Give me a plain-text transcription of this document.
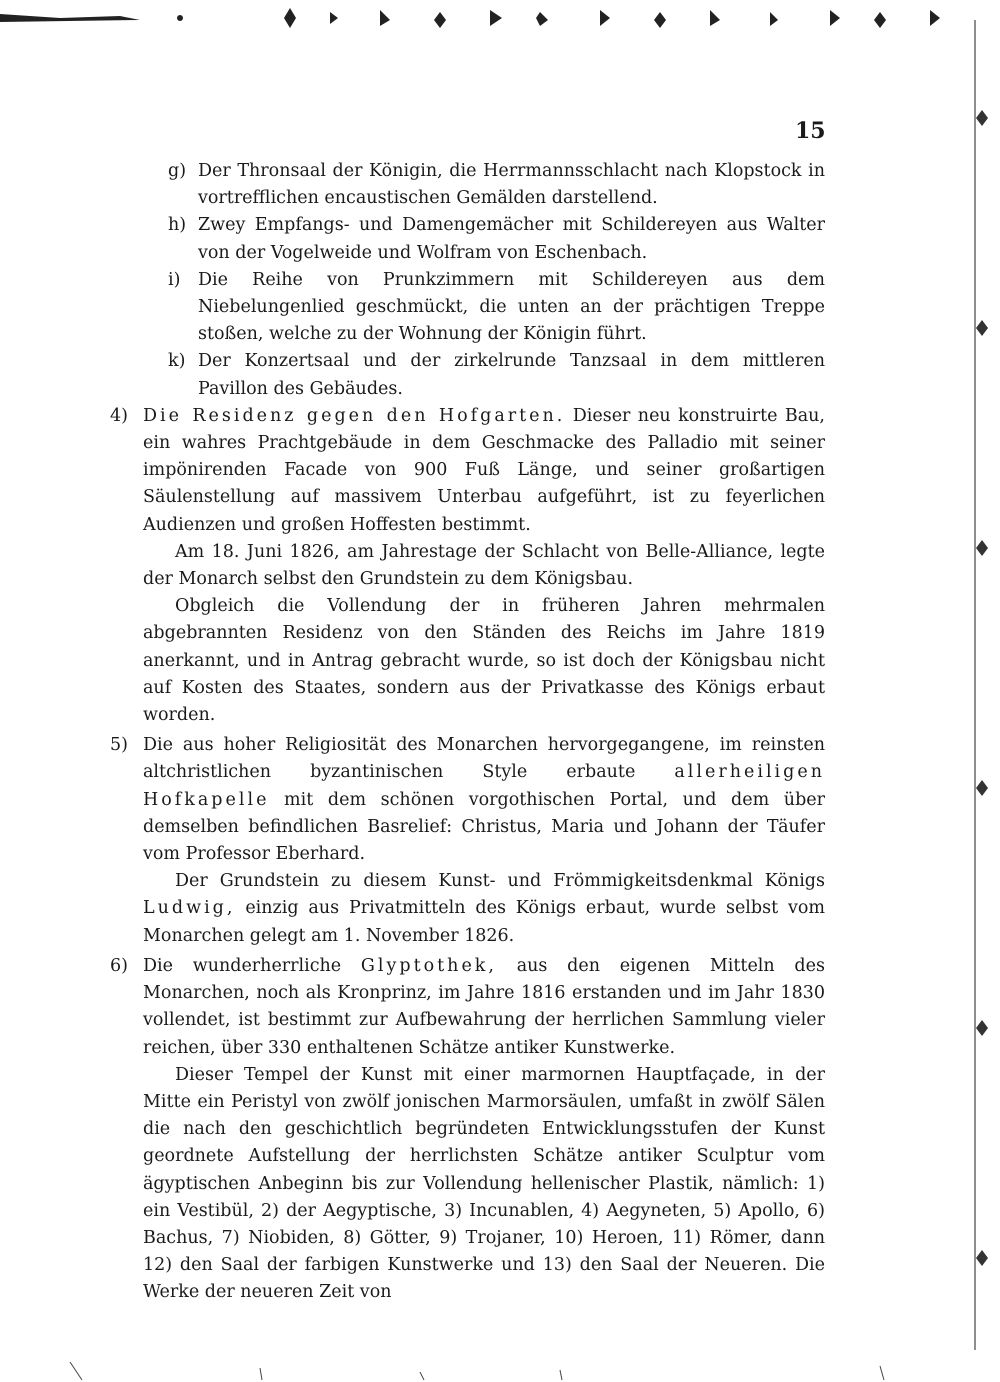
15
g) Der Thronsaal der Königin, die Herrmannsschlacht nach Klopstock in vortrefflichen encaustischen Gemälden darstellend.
h) Zwey Empfangs- und Damengemächer mit Schildereyen aus Walter von der Vogelweide und Wolfram von Eschenbach.
i) Die Reihe von Prunkzimmern mit Schildereyen aus dem Niebelungenlied geschmückt, die unten an der prächtigen Treppe stoßen, welche zu der Wohnung der Königin führt.
k) Der Konzertsaal und der zirkelrunde Tanzsaal in dem mittleren Pavillon des Gebäudes.
4) Die Residenz gegen den Hofgarten. Dieser neu konstruirte Bau, ein wahres Prachtgebäude in dem Geschmacke des Palladio mit seiner impönirenden Facade von 900 Fuß Länge, und seiner großartigen Säulenstellung auf massivem Unterbau aufgeführt, ist zu feyerlichen Audienzen und großen Hoffesten bestimmt.
Am 18. Juni 1826, am Jahrestage der Schlacht von Belle-Alliance, legte der Monarch selbst den Grundstein zu dem Königsbau.
Obgleich die Vollendung der in früheren Jahren mehrmalen abgebrannten Residenz von den Ständen des Reichs im Jahre 1819 anerkannt, und in Antrag gebracht wurde, so ist doch der Königsbau nicht auf Kosten des Staates, sondern aus der Privatkasse des Königs erbaut worden.
5) Die aus hoher Religiosität des Monarchen hervorgegangene, im reinsten altchristlichen byzantinischen Style erbaute allerheiligen Hofkapelle mit dem schönen vorgothischen Portal, und dem über demselben befindlichen Basrelief: Christus, Maria und Johann der Täufer vom Professor Eberhard.
Der Grundstein zu diesem Kunst- und Frömmigkeitsdenkmal Königs Ludwig, einzig aus Privatmitteln des Königs erbaut, wurde selbst vom Monarchen gelegt am 1. November 1826.
6) Die wunderherrliche Glyptothek, aus den eigenen Mitteln des Monarchen, noch als Kronprinz, im Jahre 1816 erstanden und im Jahr 1830 vollendet, ist bestimmt zur Aufbewahrung der herrlichen Sammlung vieler reichen, über 330 enthaltenen Schätze antiker Kunstwerke.
Dieser Tempel der Kunst mit einer marmornen Hauptfaçade, in der Mitte ein Peristyl von zwölf jonischen Marmorsäulen, umfaßt in zwölf Sälen die nach den geschichtlich begründeten Entwicklungsstufen der Kunst geordnete Aufstellung der herrlichsten Schätze antiker Sculptur vom ägyptischen Anbeginn bis zur Vollendung hellenischer Plastik, nämlich: 1) ein Vestibül, 2) der Aegyptische, 3) Incunablen, 4) Aegyneten, 5) Apollo, 6) Bachus, 7) Niobiden, 8) Götter, 9) Trojaner, 10) Heroen, 11) Römer, dann 12) den Saal der farbigen Kunstwerke und 13) den Saal der Neueren. Die Werke der neueren Zeit von
